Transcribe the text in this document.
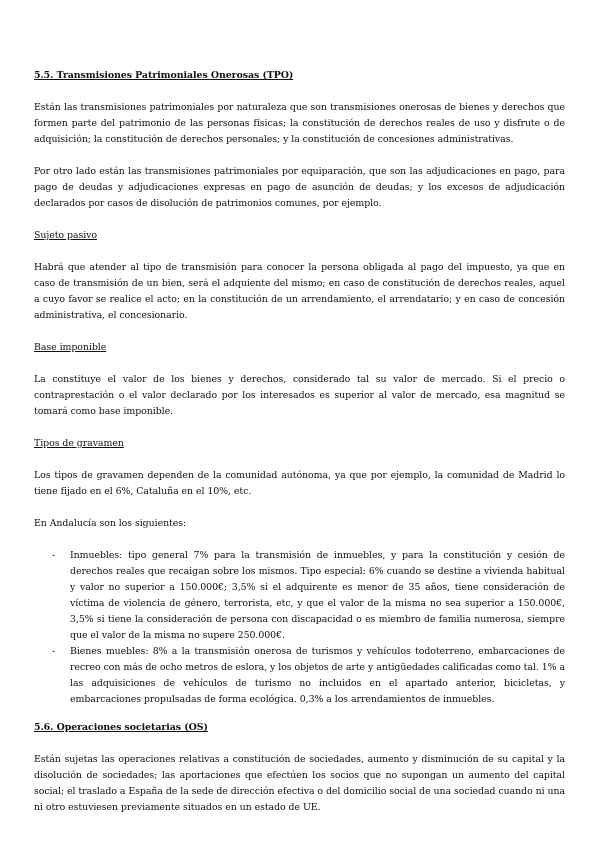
5.5. Transmisiones Patrimoniales Onerosas (TPO)

Están las transmisiones patrimoniales por naturaleza que son transmisiones onerosas de bienes y derechos que formen parte del patrimonio de las personas físicas; la constitución de derechos reales de uso y disfrute o de adquisición; la constitución de derechos personales; y la constitución de concesiones administrativas.

Por otro lado están las transmisiones patrimoniales por equiparación, que son las adjudicaciones en pago, para pago de deudas y adjudicaciones expresas en pago de asunción de deudas; y los excesos de adjudicación declarados por casos de disolución de patrimonios comunes, por ejemplo.

Sujeto pasivo

Habrá que atender al tipo de transmisión para conocer la persona obligada al pago del impuesto, ya que en caso de transmisión de un bien, será el adquiente del mismo; en caso de constitución de derechos reales, aquel a cuyo favor se realice el acto; en la constitución de un arrendamiento, el arrendatario; y en caso de concesión administrativa, el concesionario.

Base imponible

La constituye el valor de los bienes y derechos, considerado tal su valor de mercado. Si el precio o contraprestación o el valor declarado por los interesados es superior al valor de mercado, esa magnitud se tomará como base imponible.

Tipos de gravamen

Los tipos de gravamen dependen de la comunidad autónoma, ya que por ejemplo, la comunidad de Madrid lo tiene fijado en el 6%, Cataluña en el 10%, etc.

En Andalucía son los siguientes:

- Inmuebles: tipo general 7% para la transmisión de inmuebles, y para la constitución y cesión de derechos reales que recaigan sobre los mismos. Tipo especial: 6% cuando se destine a vivienda habitual y valor no superior a 150.000€; 3,5% si el adquirente es menor de 35 años, tiene consideración de víctima de violencia de género, terrorista, etc, y que el valor de la misma no sea superior a 150.000€, 3,5% si tiene la consideración de persona con discapacidad o es miembro de familia numerosa, siempre que el valor de la misma no supere 250.000€.
- Bienes muebles: 8% a la transmisión onerosa de turismos y vehículos todoterreno, embarcaciones de recreo con más de ocho metros de eslora, y los objetos de arte y antigüedades calificadas como tal. 1% a las adquisiciones de vehículos de turismo no incluidos en el apartado anterior, bicicletas, y embarcaciones propulsadas de forma ecológica. 0,3% a los arrendamientos de inmuebles.

5.6. Operaciones societarias (OS)

Están sujetas las operaciones relativas a constitución de sociedades, aumento y disminución de su capital y la disolución de sociedades; las aportaciones que efectúen los socios que no supongan un aumento del capital social; el traslado a España de la sede de dirección efectiva o del domicilio social de una sociedad cuando ni una ni otro estuviesen previamente situados en un estado de UE.
